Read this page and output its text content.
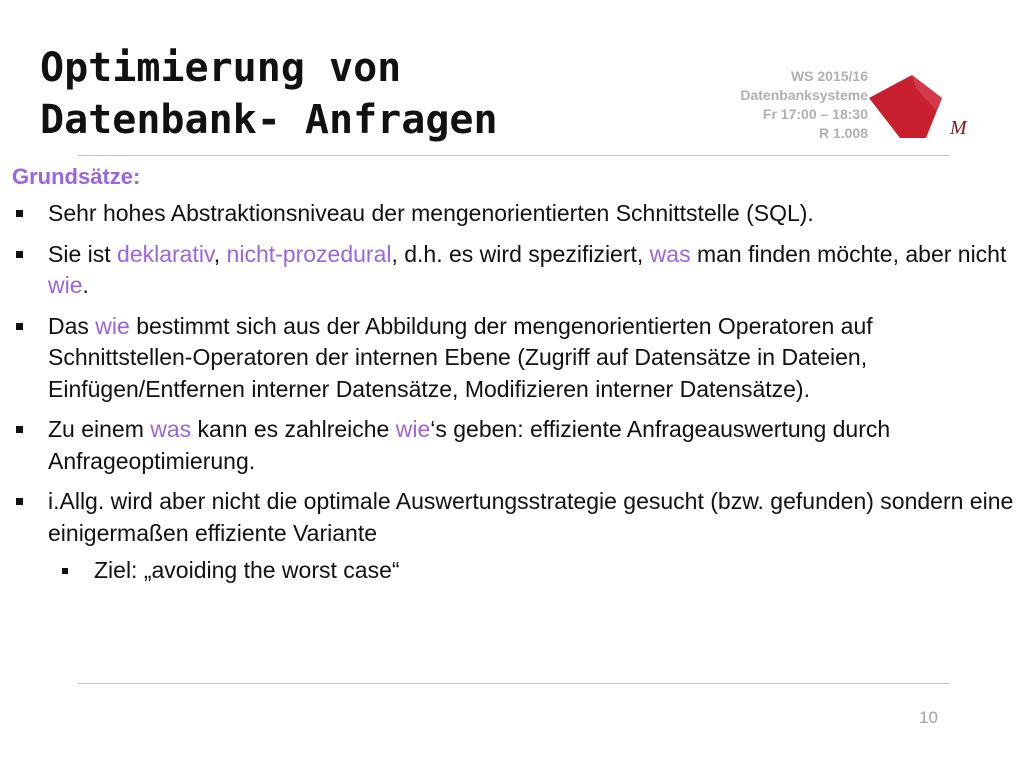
Optimierung von
Datenbank- Anfragen
WS 2015/16
Datenbanksysteme
Fr 17:00 – 18:30
R 1.008	M
Grundsätze:
Sehr hohes Abstraktionsniveau der mengenorientierten Schnittstelle (SQL).
Sie ist deklarativ, nicht-prozedural, d.h. es wird spezifiziert, was man finden möchte, aber nicht wie.
Das wie bestimmt sich aus der Abbildung der mengenorientierten Operatoren auf Schnittstellen-Operatoren der internen Ebene (Zugriff auf Datensätze in Dateien, Einfügen/Entfernen interner Datensätze, Modifizieren interner Datensätze).
Zu einem was kann es zahlreiche wie‘s geben: effiziente Anfrageauswertung durch Anfrageoptimierung.
i.Allg. wird aber nicht die optimale Auswertungsstrategie gesucht (bzw. gefunden) sondern eine einigermaßen effiziente Variante
Ziel: „avoiding the worst case“
10
